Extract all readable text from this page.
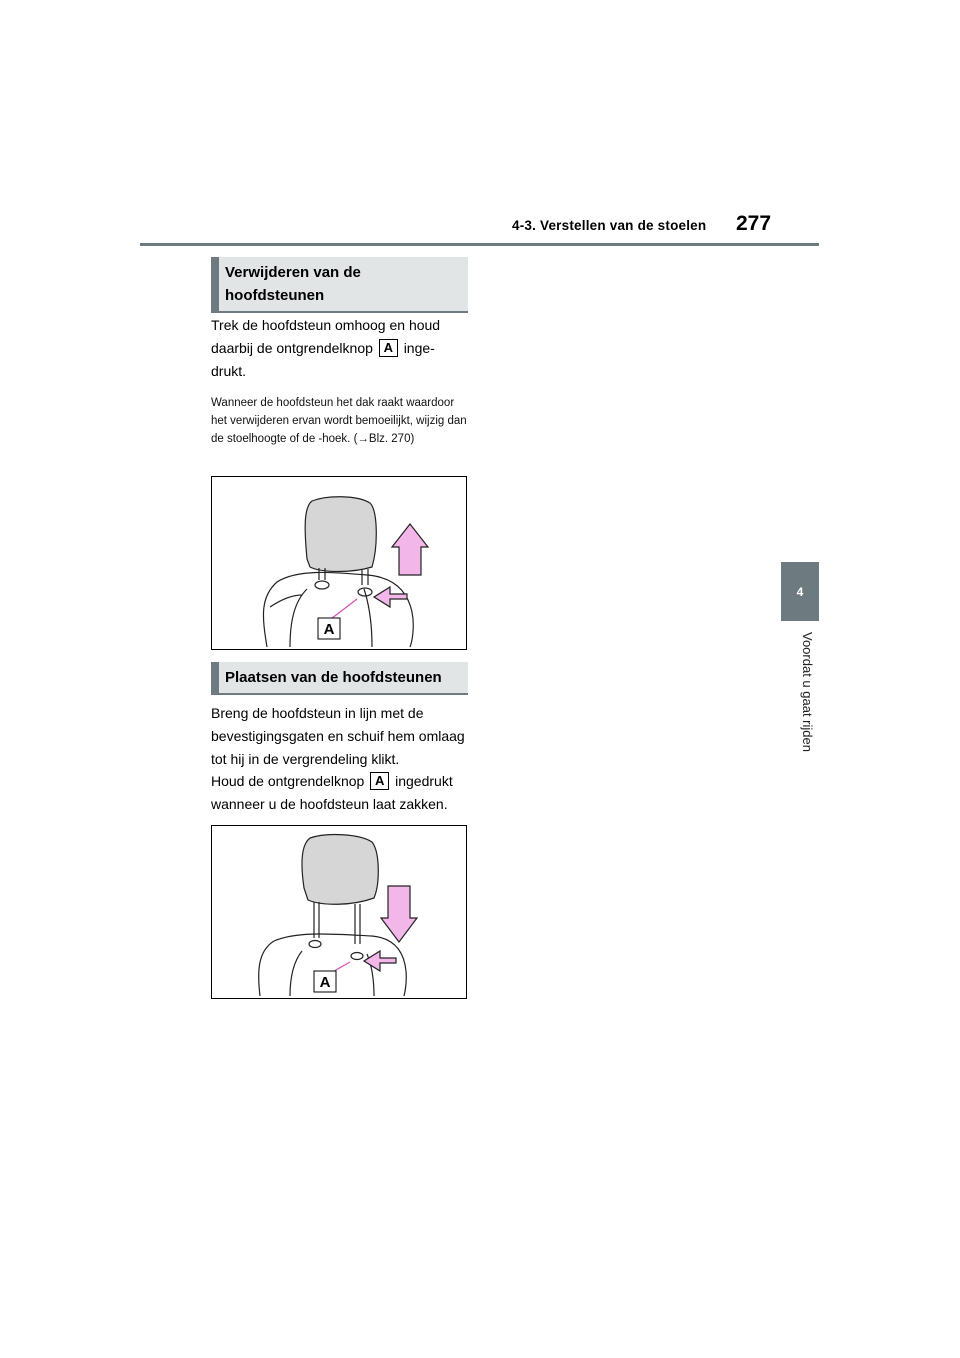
4-3. Verstellen van de stoelen 277
4
Voordat u gaat rijden
Verwijderen van de hoofdsteunen
Trek de hoofdsteun omhoog en houd daarbij de ontgrendelknop A inge-drukt.
Wanneer de hoofdsteun het dak raakt waardoor het verwijderen ervan wordt bemoeilijkt, wijzig dan de stoelhoogte of de -hoek. (→Blz. 270)
A
Plaatsen van de hoofdsteunen
Breng de hoofdsteun in lijn met de bevestigingsgaten en schuif hem omlaag tot hij in de vergrendeling klikt.
Houd de ontgrendelknop A ingedrukt wanneer u de hoofdsteun laat zakken.
A
